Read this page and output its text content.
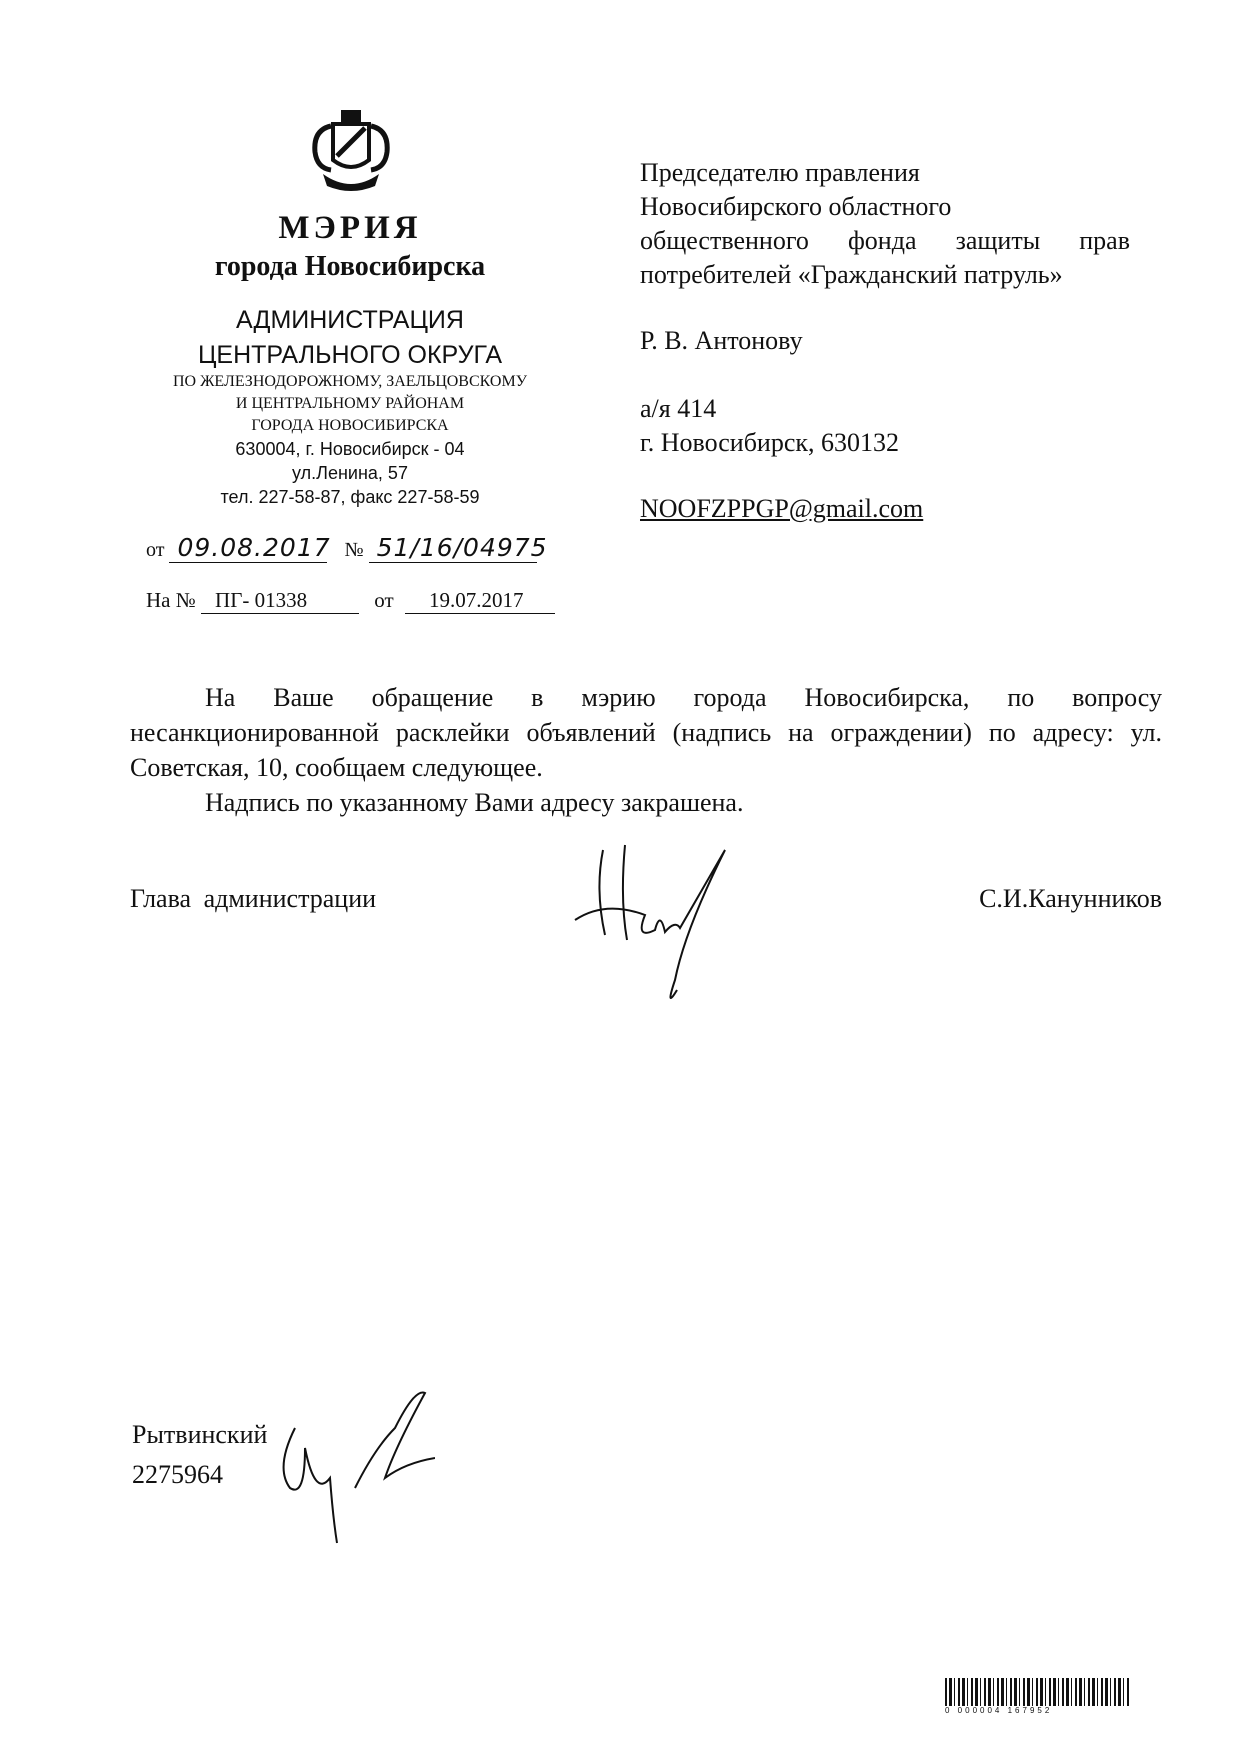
МЭРИЯ
города Новосибирска
АДМИНИСТРАЦИЯ
ЦЕНТРАЛЬНОГО ОКРУГА
ПО ЖЕЛЕЗНОДОРОЖНОМУ, ЗАЕЛЬЦОВСКОМУ
И ЦЕНТРАЛЬНОМУ РАЙОНАМ
ГОРОДА НОВОСИБИРСКА
630004, г. Новосибирск - 04
ул.Ленина, 57
тел. 227-58-87, факс 227-58-59
от 09.08.2017 № 51/16/04975
На № ПГ- 01338	от 19.07.2017
Председателю правления
Новосибирского областного
общественного фонда защиты прав
потребителей «Гражданский патруль»
Р. В. Антонову
а/я 414
г. Новосибирск, 630132
NOOFZPPGP@gmail.com

На Ваше обращение в мэрию города Новосибирска, по вопросу несанкционированной расклейки объявлений (надпись на ограждении) по адресу: ул. Советская, 10, сообщаем следующее.

Надпись по указанному Вами адресу закрашена.

Глава администрации	С.И.Канунников
Рытвинский
2275964
0 000004 167952
